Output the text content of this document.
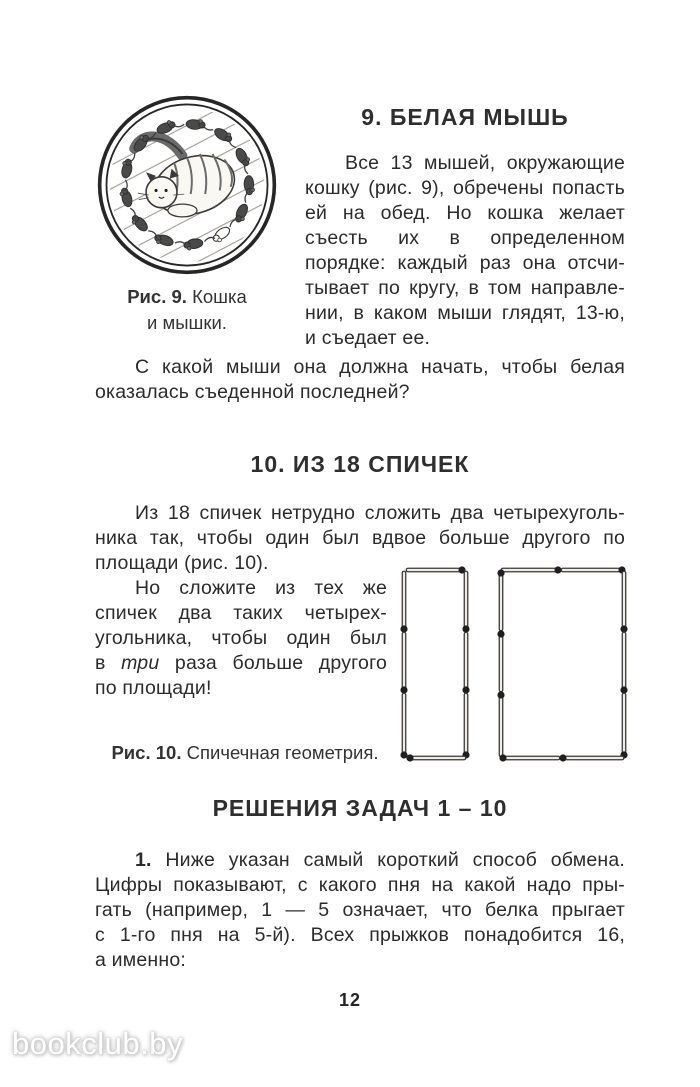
Рис. 9. Кошка
и мышки.
9. БЕЛАЯ МЫШЬ
Все 13 мышей, окружающие
кошку (рис. 9), обречены попасть
ей на обед. Но кошка желает
съесть их в определенном
порядке: каждый раз она отсчи-
тывает по кругу, в том направле-
нии, в каком мыши глядят, 13-ю,
и съедает ее.
С какой мыши она должна начать, чтобы белая
оказалась съеденной последней?
10. ИЗ 18 СПИЧЕК
Из 18 спичек нетрудно сложить два четырехуголь-
ника так, чтобы один был вдвое больше другого по
площади (рис. 10).
Но сложите из тех же
спичек два таких четырех-
угольника, чтобы один был
в три раза больше другого
по площади!
Рис. 10. Спичечная геометрия.
РЕШЕНИЯ ЗАДАЧ 1 – 10
1. Ниже указан самый короткий способ обмена.
Цифры показывают, с какого пня на какой надо пры-
гать (например, 1 — 5 означает, что белка прыгает
с 1-го пня на 5-й). Всех прыжков понадобится 16,
а именно:
12
bookclub.by
